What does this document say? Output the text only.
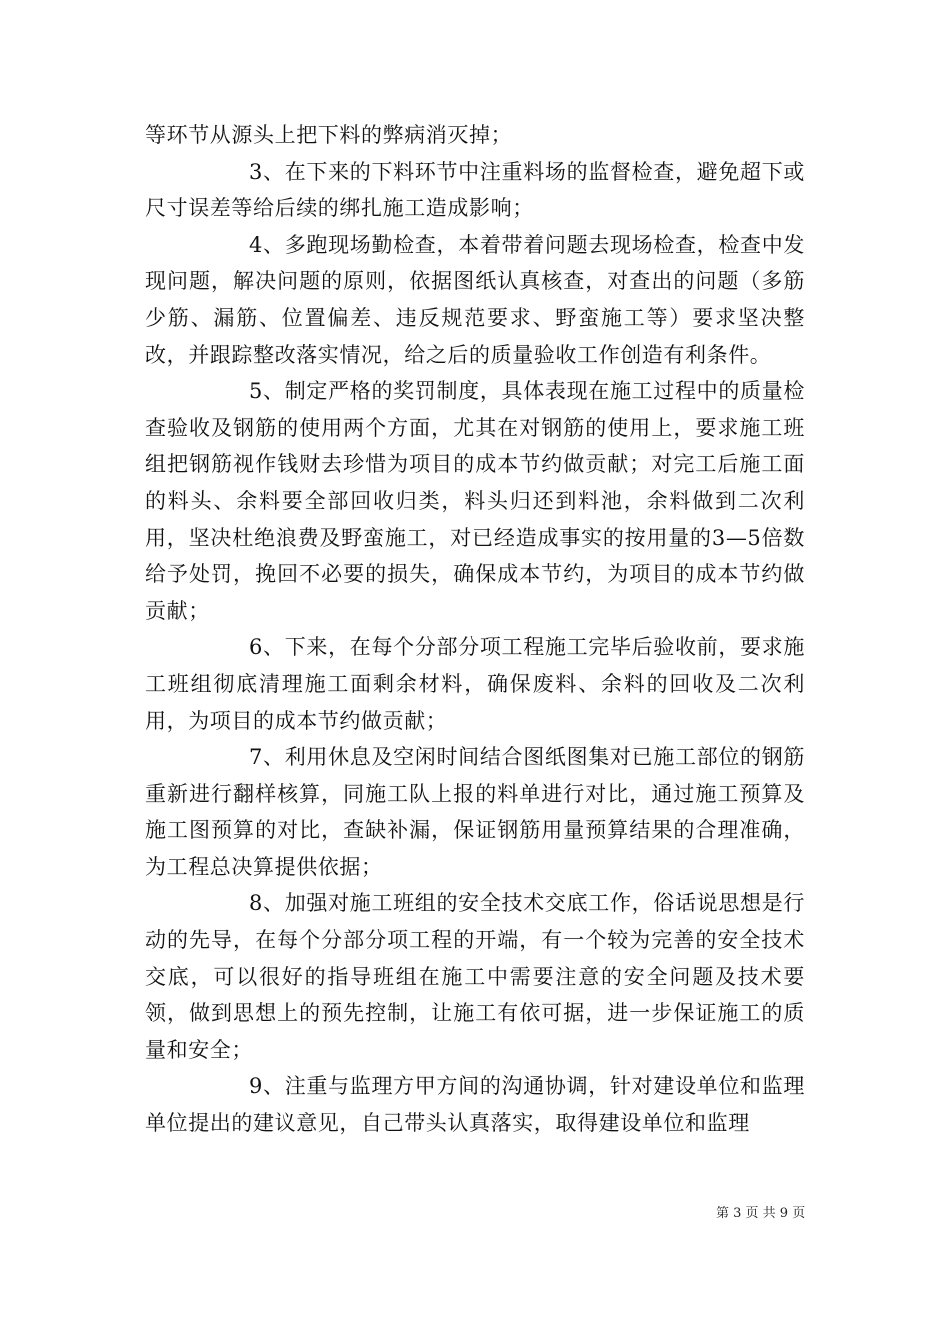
等环节从源头上把下料的弊病消灭掉；

3、在下来的下料环节中注重料场的监督检查，避免超下或尺寸误差等给后续的绑扎施工造成影响；

4、多跑现场勤检查，本着带着问题去现场检查，检查中发现问题，解决问题的原则，依据图纸认真核查，对查出的问题（多筋少筋、漏筋、位置偏差、违反规范要求、野蛮施工等）要求坚决整改，并跟踪整改落实情况，给之后的质量验收工作创造有利条件。

5、制定严格的奖罚制度，具体表现在施工过程中的质量检查验收及钢筋的使用两个方面，尤其在对钢筋的使用上，要求施工班组把钢筋视作钱财去珍惜为项目的成本节约做贡献；对完工后施工面的料头、余料要全部回收归类，料头归还到料池，余料做到二次利用，坚决杜绝浪费及野蛮施工，对已经造成事实的按用量的3—5倍数给予处罚，挽回不必要的损失，确保成本节约，为项目的成本节约做贡献；

6、下来，在每个分部分项工程施工完毕后验收前，要求施工班组彻底清理施工面剩余材料，确保废料、余料的回收及二次利用，为项目的成本节约做贡献；

7、利用休息及空闲时间结合图纸图集对已施工部位的钢筋重新进行翻样核算，同施工队上报的料单进行对比，通过施工预算及施工图预算的对比，查缺补漏，保证钢筋用量预算结果的合理准确，为工程总决算提供依据；

8、加强对施工班组的安全技术交底工作，俗话说思想是行动的先导，在每个分部分项工程的开端，有一个较为完善的安全技术交底，可以很好的指导班组在施工中需要注意的安全问题及技术要领，做到思想上的预先控制，让施工有依可据，进一步保证施工的质量和安全；

9、注重与监理方甲方间的沟通协调，针对建设单位和监理单位提出的建议意见，自己带头认真落实，取得建设单位和监理

第 3 页 共 9 页
